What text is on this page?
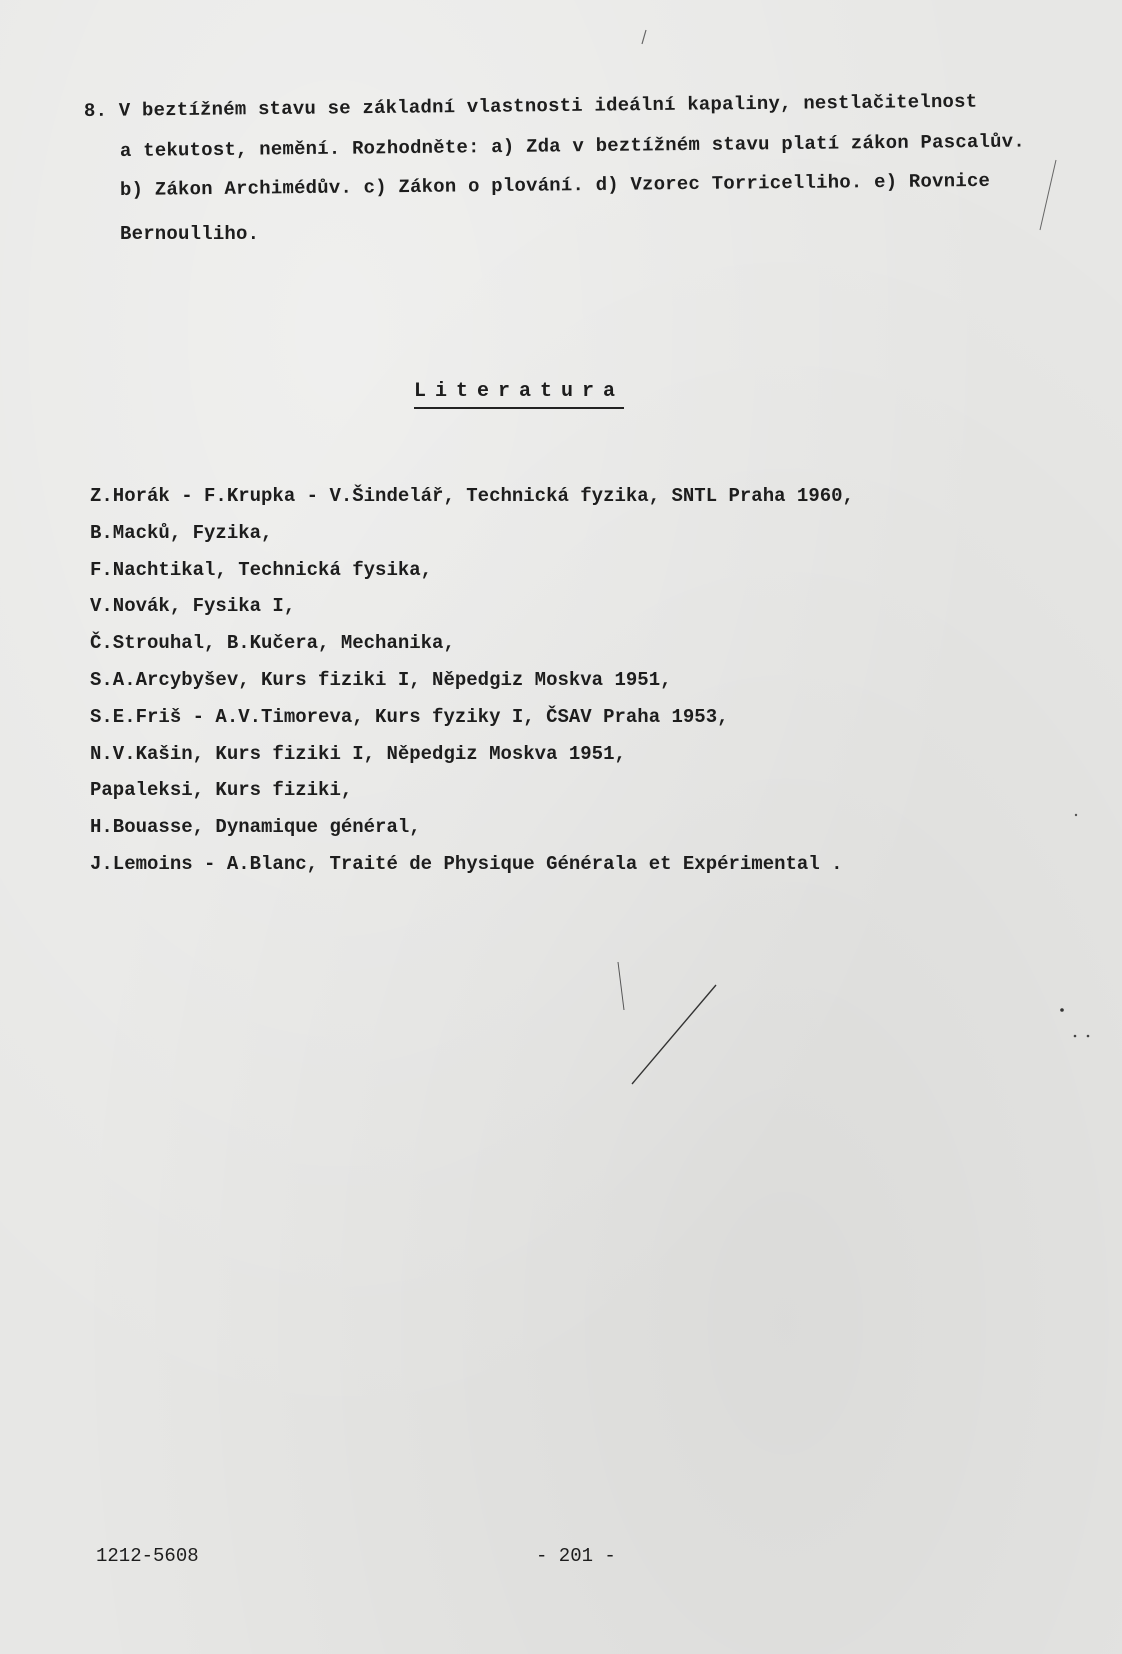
8. V beztížném stavu se základní vlastnosti ideální kapaliny, nestlačitelnost
a tekutost, nemění. Rozhodněte: a) Zda v beztížném stavu platí zákon Pascalův.
b) Zákon Archimédův. c) Zákon o plování. d) Vzorec Torricelliho. e) Rovnice
Bernoulliho.
Literatura
Z.Horák - F.Krupka - V.Šindelář, Technická fyzika, SNTL Praha 1960,
B.Macků, Fyzika,
F.Nachtikal, Technická fysika,
V.Novák, Fysika I,
Č.Strouhal, B.Kučera, Mechanika,
S.A.Arcybyšev, Kurs fiziki I, Něpedgiz Moskva 1951,
S.E.Friš - A.V.Timoreva, Kurs fyziky I, ČSAV Praha 1953,
N.V.Kašin, Kurs fiziki I, Něpedgiz Moskva 1951,
Papaleksi, Kurs fiziki,
H.Bouasse, Dynamique général,
J.Lemoins - A.Blanc, Traité de Physique Générala et Expérimental .
1212-5608	- 201 -
